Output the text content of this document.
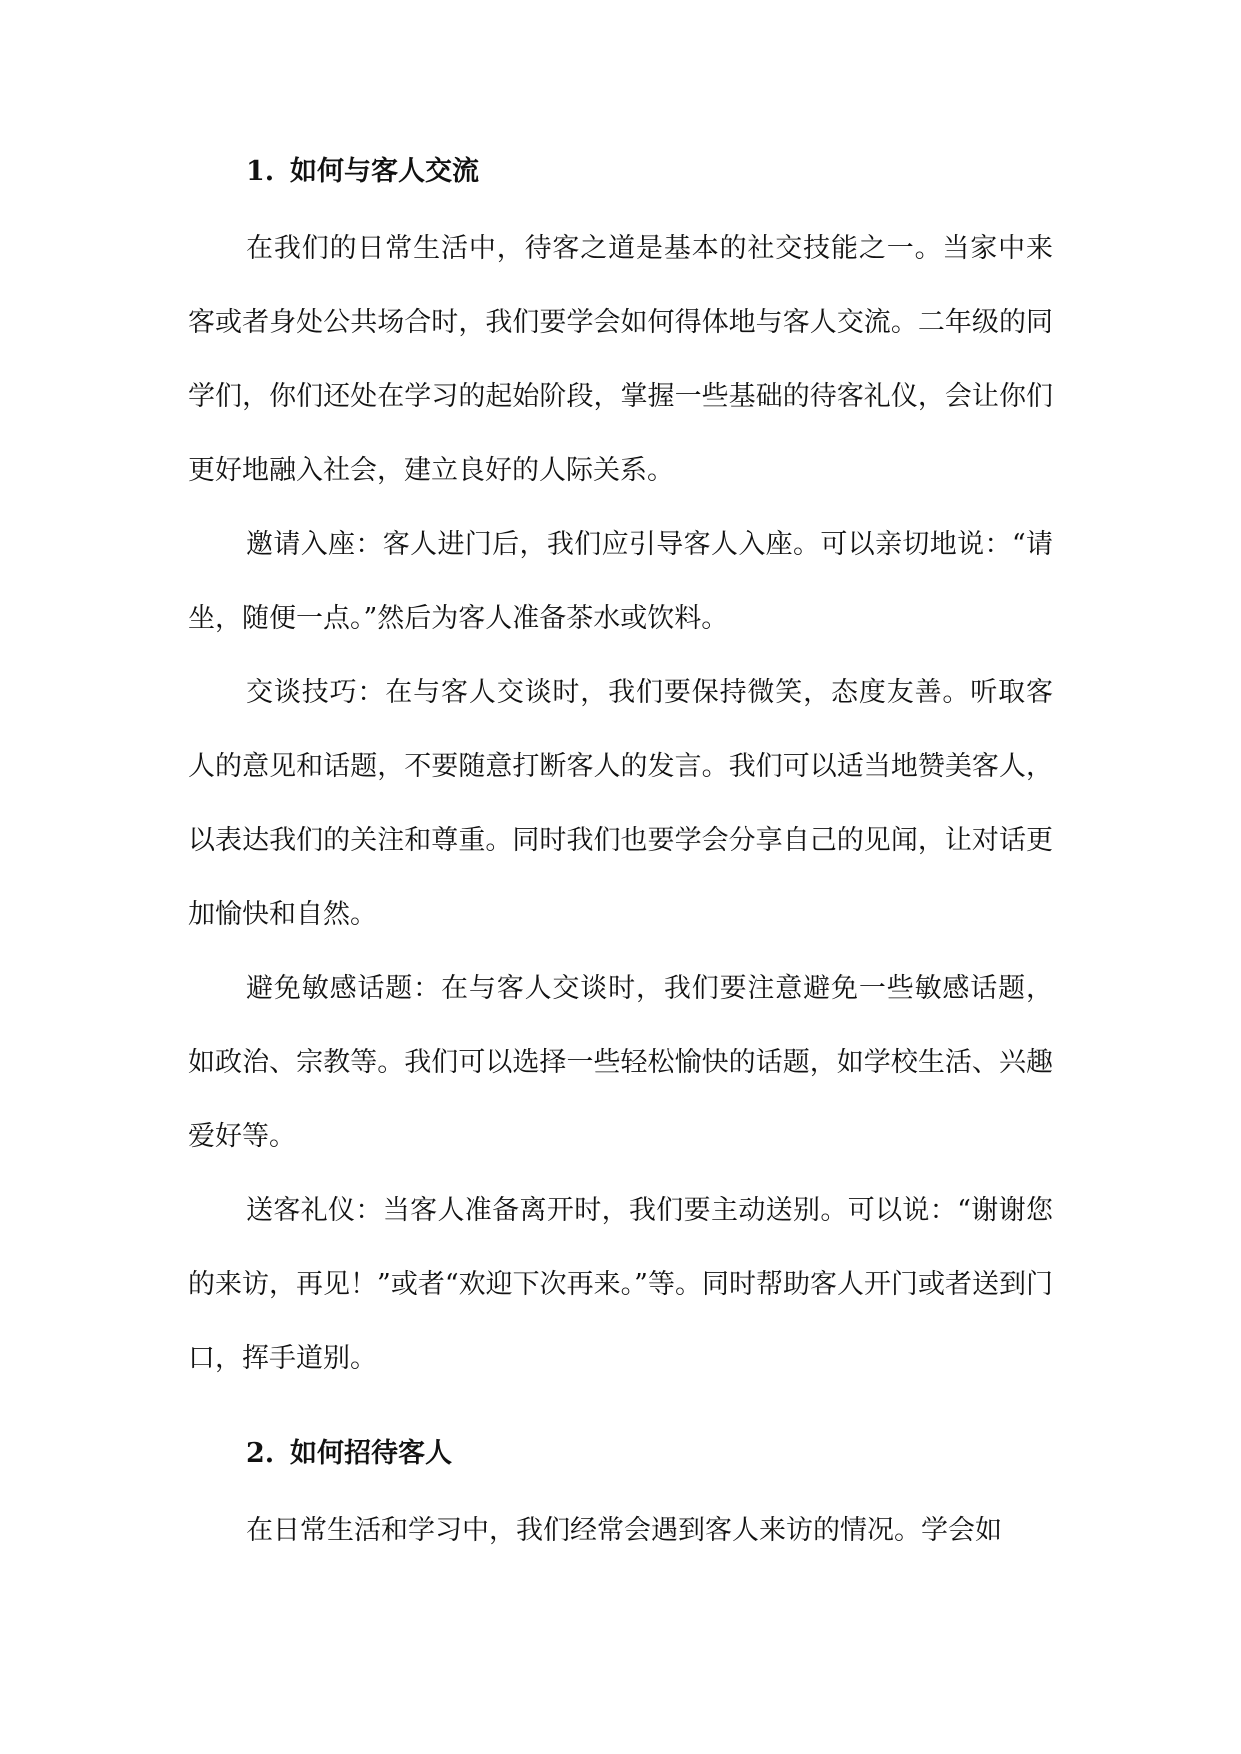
1. 如何与客人交流

在我们的日常生活中，待客之道是基本的社交技能之一。当家中来客或者身处公共场合时，我们要学会如何得体地与客人交流。二年级的同学们，你们还处在学习的起始阶段，掌握一些基础的待客礼仪，会让你们更好地融入社会，建立良好的人际关系。

邀请入座：客人进门后，我们应引导客人入座。可以亲切地说：“请坐，随便一点。”然后为客人准备茶水或饮料。

交谈技巧：在与客人交谈时，我们要保持微笑，态度友善。听取客人的意见和话题，不要随意打断客人的发言。我们可以适当地赞美客人，以表达我们的关注和尊重。同时我们也要学会分享自己的见闻，让对话更加愉快和自然。

避免敏感话题：在与客人交谈时，我们要注意避免一些敏感话题，如政治、宗教等。我们可以选择一些轻松愉快的话题，如学校生活、兴趣爱好等。

送客礼仪：当客人准备离开时，我们要主动送别。可以说：“谢谢您的来访，再见！”或者“欢迎下次再来。”等。同时帮助客人开门或者送到门口，挥手道别。

2. 如何招待客人

在日常生活和学习中，我们经常会遇到客人来访的情况。学会如
